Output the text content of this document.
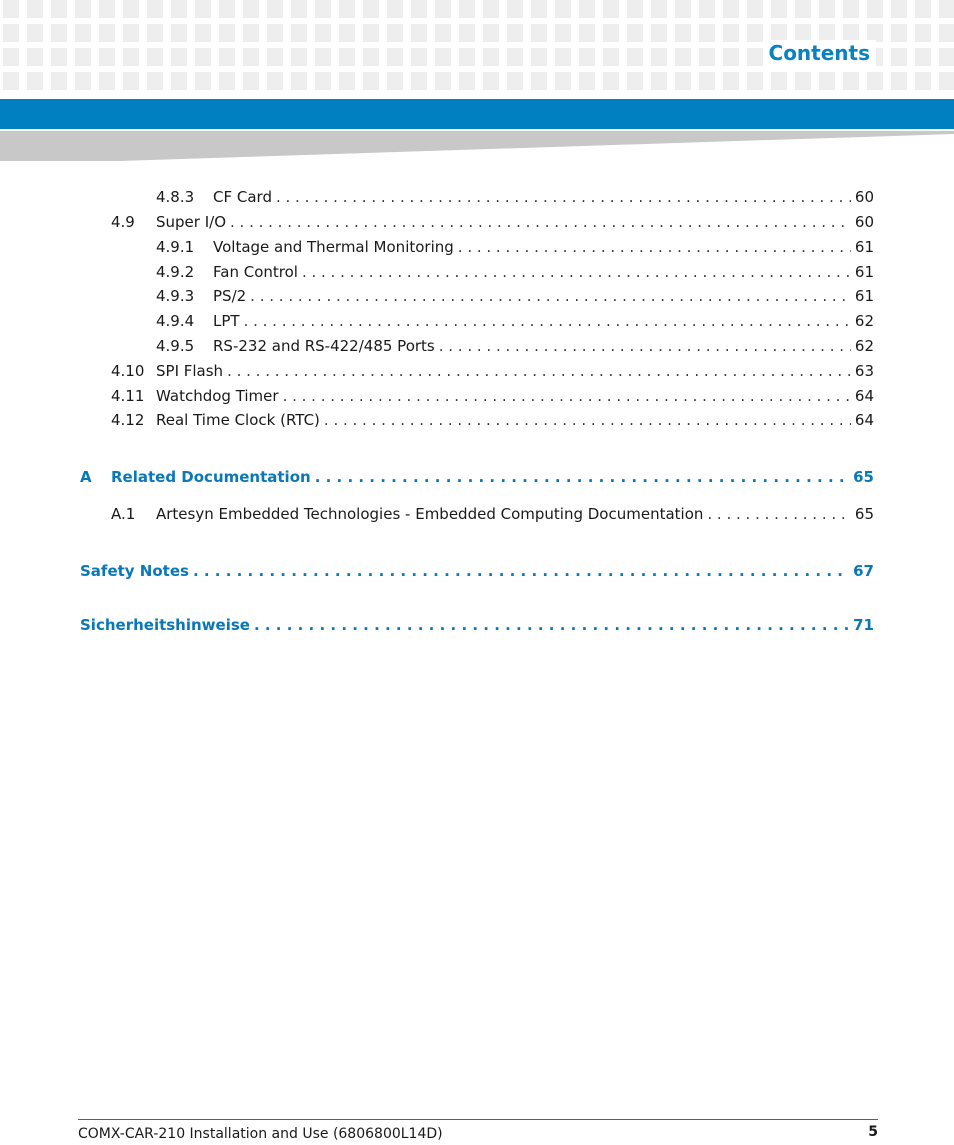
Contents
4.8.3	CF Card . . .	60
4.9	Super I/O . . .	60
4.9.1	Voltage and Thermal Monitoring . . .	61
4.9.2	Fan Control . . .	61
4.9.3	PS/2 . . .	61
4.9.4	LPT . . .	62
4.9.5	RS-232 and RS-422/485 Ports . . .	62
4.10 SPI Flash . . .	63
4.11 Watchdog Timer . . .	64
4.12 Real Time Clock (RTC) . . .	64
A	Related Documentation . . .	65
A.1	Artesyn Embedded Technologies - Embedded Computing Documentation . . .	65
Safety Notes . . .	67
Sicherheitshinweise . . .	71
COMX-CAR-210 Installation and Use (6806800L14D)	5
